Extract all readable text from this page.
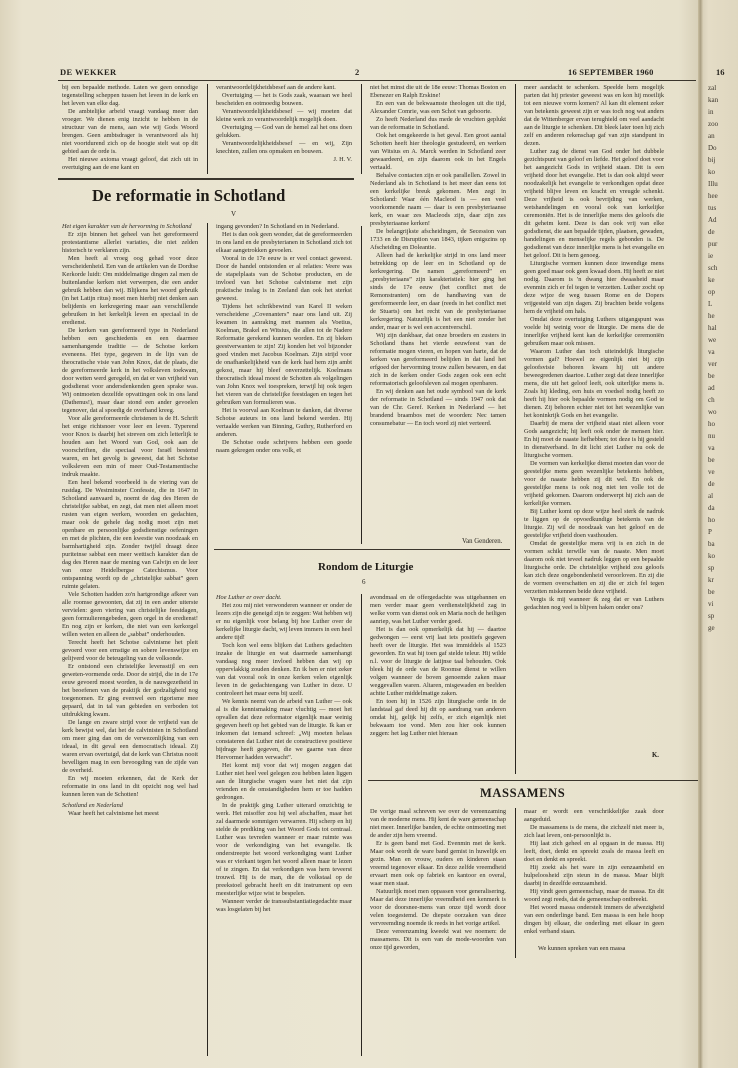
DE WEKKER	2	16 SEPTEMBER 1960	16

bij een bepaalde methode. Laten we geen onnodige tegenstelling scheppen tussen het leven in de kerk en het leven van elke dag.

De ambtelijke arbeid vraagt vandaag meer dan vroeger. We dienen enig inzicht te hebben in de structuur van de mens, aan wie wij Gods Woord brengen. Geen ambtsdrager is verantwoord als hij niet voortdurend zich op de hoogte stelt wat op dit gebied aan de orde is.

Het nieuwe axioma vraagt geloof, dat zich uit in overtuiging aan de ene kant en

verantwoordelijkheidsbesef aan de andere kant.

Overtuiging — het is Gods zaak, waaraan we heel bescheiden en ootmoedig bouwen.

Verantwoordelijkheidsbesef — wij moeten dat kleine werk zo verantwoordelijk mogelijk doen.

Overtuiging — God van de hemel zal het ons doen gelukken.

Verantwoordelijkheidsbesef — en wij, Zijn knechten, zullen ons opmaken en bouwen.

J. H. V.

De reformatie in Schotland
V

Het eigen karakter van de hervorming in Schotland

Er zijn binnen het geheel van het gereformeerd protestantisme allerlei variaties, die niet zelden historisch te verklaren zijn.

Men heeft al vroeg oog gehad voor deze verscheidenheid. Een van de artikelen van de Dordtse Kerkorde luidt: Om middelmatige dingen zal men de buitenlandse kerken niet verwerpen, die een ander gebruik hebben dan wij. Blijkens het woord gebruik (in het Latijn ritus) moet men hierbij niet denken aan belijdenis en kerkregering maar aan verschillende gebruiken in het kerkelijk leven en speciaal in de eredienst.

De kerken van gereformeerd type in Nederland hebben een geschiedenis en een daarmee samenhangende traditie — de Schotse kerken eveneens. Het type, gegeven in de lijn van de theocratische visie van John Knox, dat de plaats, die de gereformeerde kerk in het volksleven toekwam, door wetten werd geregeld, en dat er van vrijheid van godsdienst voor andersdenkenden geen sprake was. Wij ontmoeten dezelfde opvattingen ook in ons land (Dathenus!), maar daar stond een ander gevoelen tegenover, dat al spoedig de overhand kreeg.

Voor alle gereformeerde christenen is de H. Schrift het enige richtsnoer voor leer en leven. Typerend voor Knox is daarbij het streven om zich letterlijk te houden aan het Woord van God, ook aan de voorschriften, die speciaal voor Israël bestemd waren, en het gevolg is geweest, dat het Schotse volksleven een min of meer Oud-Testamentische indruk maakte.

Een heel bekend voorbeeld is de viering van de rustdag. De Westminster Confessie, die in 1647 in Schotland aanvaard is, noemt de dag des Heren de christelijke sabbat, en zegt, dat men niet alleen moet rusten van eigen werken, woorden en gedachten, maar ook de gehele dag nodig moet zijn met openbare en persoonlijke godsdienstige oefeningen en met de plichten, die een kwestie van noodzaak en barmhartigheid zijn. Zonder twijfel draagt deze puriteinse sabbat een meer wettisch karakter dan de dag des Heren naar de mening van Calvijn en de leer van onze Heidelbergse Catechismus. Voor ontspanning wordt op de „christelijke sabbat” geen ruimte gelaten.

Vele Schotten hadden zo'n hartgrondige afkeer van alle roomse gewoonten, dat zij in een ander uiterste vervielen: geen viering van christelijke feestdagen, geen formulierengebeden, geen orgel in de eredienst! En nog zijn er kerken, die niet van een kerkorgel willen weten en alleen de „sabbat” onderhouden.

Terecht heeft het Schotse calvinisme het pleit gevoerd voor een ernstige en sobere levenswijze en gelijverd voor de beteugeling van de volksonde.

Er ontstond een christelijke levensstijl en een geweten-vormende orde. Door de strijd, die in de 17e eeuw gevoerd moest worden, is de nauwgezetheid in het beoefenen van de praktijk der godzaligheid nog toegenomen. Er ging evenwel een rigorisme mee gepaard, dat in tal van gebieden en verboden tot uitdrukking kwam.

De lange en zware strijd voor de vrijheid van de kerk bewijst wel, dat het de calvinisten in Schotland om meer ging dan om de verwezenlijking van een ideaal, in dit geval een democratisch ideaal. Zij waren ervan overtuigd, dat de kerk van Christus nooit bevelligen mag in een bevoogding van de zijde van de overheid.

En wij moeten erkennen, dat de Kerk der reformatie in ons land in dit opzicht nog wel had kunnen leren van de Schotten!

Schotland en Nederland

Waar heeft het calvinisme het meest

ingang gevonden? In Schotland en in Nederland.

Het is dan ook geen wonder, dat de gereformeerden in ons land en de presbyterianen in Schotland zich tot elkaar aangetrokken gevoelen.

Vooral in de 17e eeuw is er veel contact geweest. Door de handel ontstonden er al relaties: Veere was de stapelplaats van de Schotse producten, en de invloed van het Schotse calvinisme met zijn praktische inslag is in Zeeland dan ook het sterkst geweest.

Tijdens het schrikbewind van Karel II weken verscheidene „Covenanters” naar ons land uit. Zij kwamen in aanraking met mannen als Voetius, Koelman, Brakel en Witsius, die allen tot de Nadere Reformatie gerekend kunnen worden. En zij bleken geestverwanten te zijn! Zij konden het vol bijzonder goed vinden met Jacobus Koelman. Zijn strijd voor de onafhankelijkheid van de kerk had hem zijn ambt gekost, maar hij bleef onverzettelijk. Koelmans theocratisch ideaal moest de Schotten als volgelingen van John Knox wel toespreken, terwijl hij ook tegen het vieren van de christelijke feestdagen en tegen het gebruiken van formulieren was.

Het is voorval aan Koelman te danken, dat diverse Schotse auteurs in ons land bekend werden. Hij vertaalde werken van Binning, Guthry, Rutherford en anderen.

De Schotse oude schrijvers hebben een goede naam gekregen onder ons volk, et

niet het minst die uit de 18e eeuw: Thomas Boston en Ebenezer en Ralph Erskine!

En een van de bekwaamste theologen uit die tijd, Alexander Comrie, was een Schot van geboorte.

Zo heeft Nederland dus mede de vruchten geplukt van de reformatie in Schotland.

Ook het omgekeerde is het geval. Een groot aantal Schotten heeft hier theologie gestudeerd, en werken van Witsius en A. Marck werden in Schotland zeer gewaardeerd, en zijn daarom ook in het Engels vertaald.

Behalve contacten zijn er ook parallellen. Zowel in Nederland als in Schotland is het meer dan eens tot een kerkelijke breuk gekomen. Men zegt in Schotland: Waar één Macleod is — een veel voorkomende naam — daar is een presbyteriaanse kerk, en waar zes Macleods zijn, daar zijn zes presbyteriaanse kerken!

De belangrijkste afscheidingen, de Secession van 1733 en de Disruption van 1843, tijken enigszins op Afscheiding en Doleantie.

Alleen had de kerkelijke strijd in ons land meer betrekking op de leer en in Schotland op de kerkregering. De namen „gereformeerd” en „presbyteriaans” zijn karakteristiek: hier ging het sinds de 17e eeuw (het conflict met de Remonstranten) om de handhaving van de gereformeerde leer, en daar (reeds in het conflict met de Stuarts) om het recht van de presbyteriaanse kerkregering. Natuurlijk is het een niet zonder het ander, maar er is wel een accentverschil.

Wij zijn dankbaar, dat onze broeders en zusters in Schotland thans het vierde eeuwfeest van de reformatie mogen vieren, en hopen van harte, dat de kerken van gereformeerd belijden in dat land het erfgoed der hervorming trouw zullen bewaren, en dat zich in de kerken onder Gods zegen ook een echt reformatorisch geloofsleven zal mogen openbaren.

En wij denken aan het oude symbool van de kerk der reformatie in Schotland — sinds 1947 ook dat van de Chr. Geref. Kerken in Nederland — het brandend braambos met de woorden: Nec tamen consumebatur — En toch word zij niet verteerd.

Van Genderen.
Rondom de Liturgie
6

Hoe Luther er over dacht.

Het zou mij niet verwonderen wanneer er onder de lezers zijn die geneigd zijn te zeggen: Wat hebben wij er nu eigenlijk voor belang bij hoe Luther over de kerkelijke liturgie dacht, wij leven immers in een heel andere tijd!

Toch kon wel eens blijken dat Luthers gedachten inzake de liturgie en wat daarmede samenhangt vandaag nog meer invloed hebben dan wij op oppervlakkig zouden denken. En ik ben er niet zeker van dat vooral ook in onze kerken velen eigenlijk leven in de gedachtengang van Luther in deze. U controleert het maar eens bij uzelf.

We kennis neemt van de arbeid van Luther — ook al is die kennismaking maar vluchtig — moet het opvallen dat deze reformator eigenlijk maar weinig gegeven heeft op het gebied van de liturgie. Ik kan er inkomen dat iemand schreef: „Wij moeten helaas constateren dat Luther niet de constructieve positieve bijdrage heeft gegeven, die we gaarne van deze Hervormer hadden verwacht”.

Het komt mij voor dat wij mogen zeggen dat Luther niet heel veel gelegen zou hebben laten liggen aan de liturgische vragen ware het niet dat zijn vrienden en de omstandigheden hem er toe hadden gedrongen.

In de praktijk ging Luther uiterard omzichtig te werk. Het misoffer zou hij wel afschaffen, maar het zal daarmede sommigen verwarren. Hij scherp en hij stelde de prediking van het Woord Gods tot centraal. Luther was tevreden wanneer er maar ruimte was voor de verkondiging van het evangelie. Ik onderstreepte het woord verkondiging want Luther was er vierkant tegen het woord alleen maar te lezen of te zingen. En dat verkondigen was hem teveerst trouwd. Hij is de man, die de volkstaal op de preekstoel gebracht heeft en dit instrument op een meesterlijke wijze wist te bespelen.

Wanneer verder de transsubstantiatiegedachte maar was losgelaten bij het

avondmaal en de offergedachte was uitgebannen en men verder maar geen verdienstelijkheid zag in welke vorm van dienst ook en Maria noch de heiligen aanriep, was het Luther verder goed.

Het is dan ook opmerkelijk dat hij — daartoe gedwongen — eerst vrij laat iets positiefs gegeven heeft over de liturgie. Het was immiddels al 1523 geworden. En wat hij toen gaf stelde teleur. Hij wilde n.l. voor de liturgie de latijnse taal behouden. Ook bleek hij de orde van de Roomse dienst te willen volgen wanneer de boven genoemde zaken maar weggevallen waren. Altaren, misgewaden en beelden achtte Luther middelmatige zaken.

En toen hij in 1526 zijn liturgische orde in de landstaal gaf deed hij dit op aandrang van anderen omdat hij, gelijk hij zelfs, er zich eigenlijk niet bekwaam toe vond. Men zou hier ook kunnen zeggen: het lag Luther niet hieraan

meer aandacht te schenken. Speelde hem mogelijk parten dat hij priester geweest was en kon hij moeilijk tot een nieuwe vorm komen? Al kan dit element zeker van betekenis geweest zijn er was toch nog wat anders dat de Wittenberger ervan terughield om veel aandacht aan de liturgie te schenken. Dit bleek later toen hij zich zelf en anderen rekenschap gaf van zijn standpunt in dezen.

Luther zag de dienst van God onder het dubbele gezichtspunt van geloof en liefde. Het geloof doet voor het aangezicht Gods in vrijheid staan. Dit is een vrijheid door het evangelie. Het is dan ook altijd weer noodzakelijk het evangelie te verkondigen opdat deze vrijheid blijve leven en kracht en vreugde schenkt. Deze vrijheid is ook bevrijding van werken, wetshandelingen en vooral ook van kerkelijke ceremoniën. Het is de innerlijke mens des geloofs die dit geheim kent. Deze is dan ook vrij van elke godsdienst, die aan bepaalde tijden, plaatsen, gewaden, handelingen en menselijke regels gebonden is. De godsdienst van deze innerlijke mens is het evangelie en het geloof. Dit is hem genoeg.

Liturgische vormen kunnen deze inwendige mens geen goed maar ook geen kwaad doen. Hij heeft ze niet nodig. Daarom is 'n dwang hier dwaasheid maar evenmin zich er fel tegen te verzetten. Luther zocht op deze wijze de weg tussen Rome en de Dopers vrijgesteld van zijn dagen. Zij brachten beide volgens hem de vrijheid om hals.

Omdat deze overtuiging Luthers uitgangspunt was voelde hij weinig voor de liturgie. De mens die de innerlijke vrijheid kent kan de kerkelijke ceremoniën gebruiken maar ook missen.

Waarom Luther dan toch uiteindelijk liturgische vormen gaf? Hoewel ze eigenlijk niet bij zijn geloofsvisie behoren kwam hij uit andere beweegredenen daartoe. Luther zegt dat deze innerlijke mens, die uit het geloof leeft, ook uiterlijke mens is. Zoals hij kleding, een huis en voedsel nodig heeft zo heeft hij hier ook bepaalde vormen nodig om God te dienen. Zij behoren echter niet tot het wezenlijke van het koninkrijk Gods en het evangelie.

Daarbij de mens der vrijheid staat niet alleen voor Gods aangezicht; hij leeft ook onder de mensen hier. En hij moet de naaste liefhebben; tot deze is hij gesteld in dienstverband. In dit licht ziet Luther nu ook de liturgische vormen.

De vormen van kerkelijke dienst moeten dan voor de geestelijke mens geen wezenlijke betekenis hebben, voor de naaste hebben zij dit wel. En ook de geestelijke mens is ook nog niet ten volle tot de vrijheid gekomen. Daarom onderwerpt hij zich aan de kerkelijke vormen.

Bij Luther komt op deze wijze heel sterk de nadruk te liggen op de opvoedkundige betekenis van de liturgie. Zij wil de noodzaak van het geloof en de geestelijke vrijheid doen vasthouden.

Omdat de geestelijke mens vrij is en zich in de vormen schikt terwille van de naaste. Men moet daarom ook niet teveel nadruk leggen op een bepaalde liturgische orde. De christelijke vrijheid zou geloofs kan zich deze ongebondenheid veroorloven. En zij die de vormen overschatten en zij die er zich fel tegen verzetten miskennen beide deze vrijheid.

Vergis ik mij wanneer ik zeg dat er van Luthers gedachten nog veel is blijven haken onder ons?

K.
MASSAMENS

De vorige maal schreven we over de vereenzaming van de moderne mens. Hij kent de ware gemeenschap niet meer. Innerlijke banden, de echte ontmoeting met de ander zijn hem vreemd.

Er is geen band met God. Evenmin met de kerk. Maar ook wordt de ware band gemist in huwelijk en gezin. Man en vrouw, ouders en kinderen staan vreemd tegenover elkaar. En deze zelfde vreemdheid ervaart men ook op fabriek en kantoor en overal, waar men staat.

Natuurlijk moet men oppassen voor generalisering. Maar dat deze innerlijke vreemdheid een kenmerk is voor de doorsnee-mens van onze tijd wordt door velen toegestemd. De diepste oorzaken van deze vervreemding noemde ik reeds in het vorige artikel.

Deze vereenzaming kweekt wat we noemen: de massamens. Dit is een van de mode-woorden van onze tijd geworden,

maar er wordt een verschrikkelijke zaak door aangeduid.

De massamens is de mens, die zichzelf niet meer is, zich laat leven, ont-persoonlijkt is.

Hij laat zich geheel en al opgaan in de massa. Hij leeft, doet, denkt en spreekt zoals de massa leeft en doet en denkt en spreekt.

Hij zoekt als het ware in zijn eenzaamheid en hulpeloosheid zijn steun in de massa. Maar blijft daarbij in dezelfde eenzaamheid.

Hij vindt geen gemeenschap, maar de massa. En dit woord zegt reeds, dat de gemeenschap ontbreekt.

Het woord massa onderstelt immers de afwezigheid van een onderlinge band. Een massa is een hele hoop dingen bij elkaar, die onderling met elkaar in geen enkel verband staan.

We kunnen spreken van een massa
zal
kan
in
zoo
an
Do
bij
ko
Illu
hee
tus
Ad
de
pur
ie
sch
ke
op
L
he
hal
we
va
ver
be
ad
ch
wo
ho
nu
va
be
ve
de
al
da
ho
P
ba
ko
sp
kr
be
vi
sp
ge
